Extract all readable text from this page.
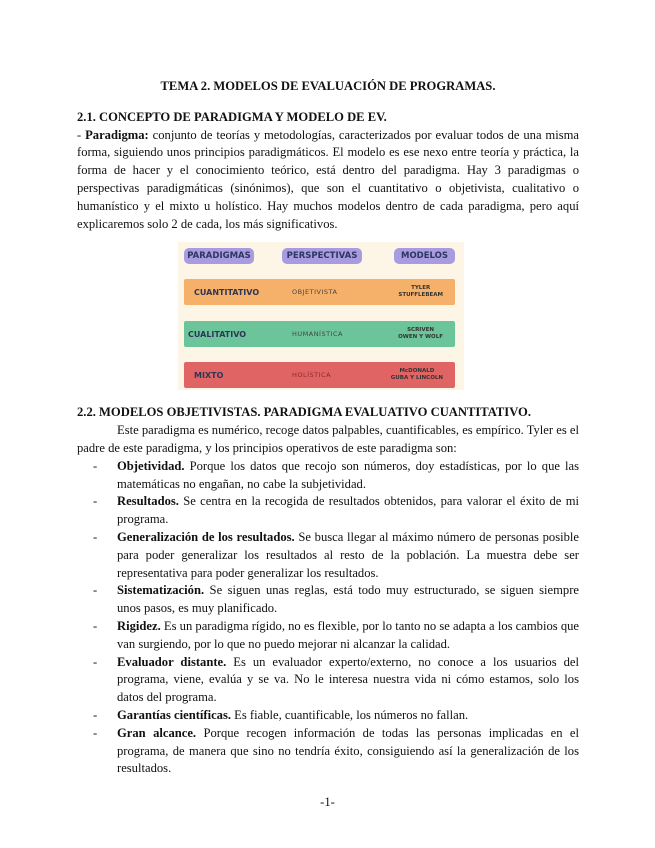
TEMA 2. MODELOS DE EVALUACIÓN DE PROGRAMAS.
2.1. CONCEPTO DE PARADIGMA Y MODELO DE EV.

- Paradigma: conjunto de teorías y metodologías, caracterizados por evaluar todos de una misma forma, siguiendo unos principios paradigmáticos. El modelo es ese nexo entre teoría y práctica, la forma de hacer y el conocimiento teórico, está dentro del paradigma. Hay 3 paradigmas o perspectivas paradigmáticas (sinónimos), que son el cuantitativo o objetivista, cualitativo o humanístico y el mixto u holístico. Hay muchos modelos dentro de cada paradigma, pero aquí explicaremos solo 2 de cada, los más significativos.

PARADIGMAS	PERSPECTIVAS	MODELOS
CUANTITATIVO	OBJETIVISTA	TYLER
STUFFLEBEAM
CUALITATIVO	HUMANÍSTICA	SCRIVEN
OWEN Y WOLF
MIXTO	HOLÍSTICA	McDONALD
GUBA Y LINCOLN
2.2. MODELOS OBJETIVISTAS. PARADIGMA EVALUATIVO CUANTITATIVO.

Este paradigma es numérico, recoge datos palpables, cuantificables, es empírico. Tyler es el padre de este paradigma, y los principios operativos de este paradigma son:

- Objetividad. Porque los datos que recojo son números, doy estadísticas, por lo que las matemáticas no engañan, no cabe la subjetividad.
- Resultados. Se centra en la recogida de resultados obtenidos, para valorar el éxito de mi programa.
- Generalización de los resultados. Se busca llegar al máximo número de personas posible para poder generalizar los resultados al resto de la población. La muestra debe ser representativa para poder generalizar los resultados.
- Sistematización. Se siguen unas reglas, está todo muy estructurado, se siguen siempre unos pasos, es muy planificado.
- Rigidez. Es un paradigma rígido, no es flexible, por lo tanto no se adapta a los cambios que van surgiendo, por lo que no puedo mejorar ni alcanzar la calidad.
- Evaluador distante. Es un evaluador experto/externo, no conoce a los usuarios del programa, viene, evalúa y se va. No le interesa nuestra vida ni cómo estamos, solo los datos del programa.
- Garantías científicas. Es fiable, cuantificable, los números no fallan.
- Gran alcance. Porque recogen información de todas las personas implicadas en el programa, de manera que sino no tendría éxito, consiguiendo así la generalización de los resultados.
-1-
